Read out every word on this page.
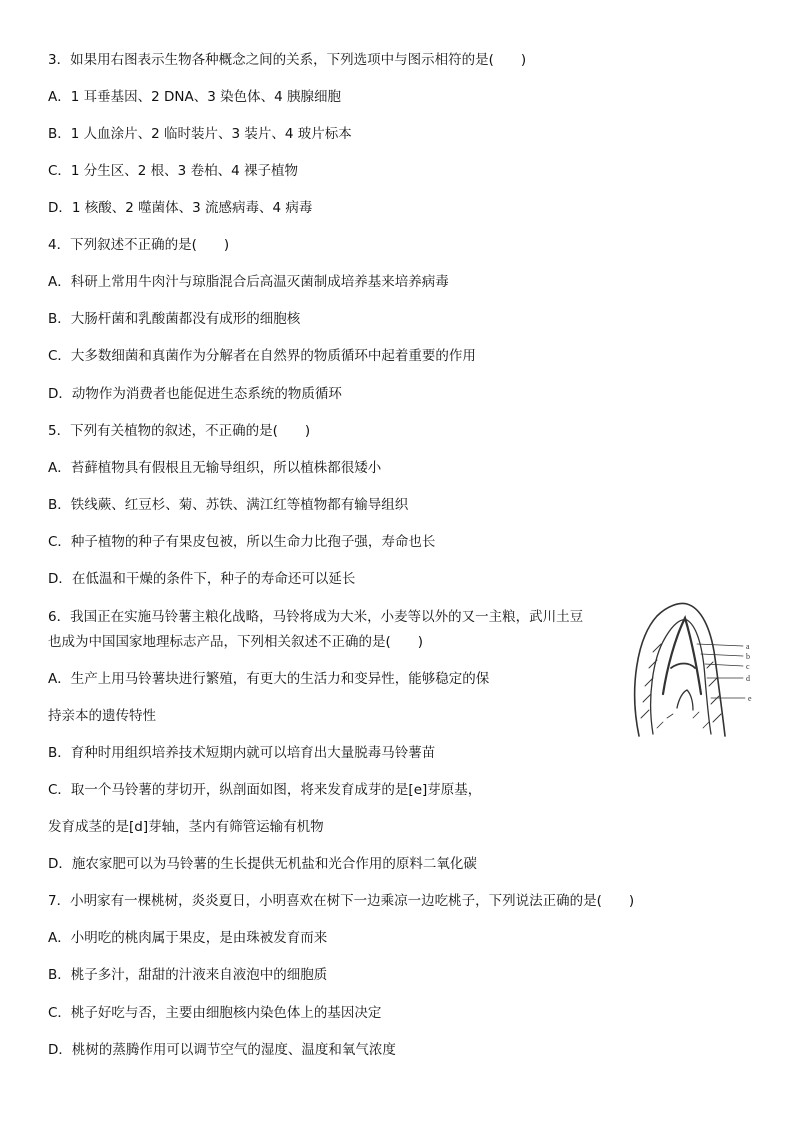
3．如果用右图表示生物各种概念之间的关系，下列选项中与图示相符的是(　　)
A．1 耳垂基因、2 DNA、3 染色体、4 胰腺细胞
B．1 人血涂片、2 临时装片、3 装片、4 玻片标本
C．1 分生区、2 根、3 卷柏、4 裸子植物
D．1 核酸、2 噬菌体、3 流感病毒、4 病毒
4．下列叙述不正确的是(　　)
A．科研上常用牛肉汁与琼脂混合后高温灭菌制成培养基来培养病毒
B．大肠杆菌和乳酸菌都没有成形的细胞核
C．大多数细菌和真菌作为分解者在自然界的物质循环中起着重要的作用
D．动物作为消费者也能促进生态系统的物质循环
5．下列有关植物的叙述，不正确的是(　　)
A．苔藓植物具有假根且无输导组织，所以植株都很矮小
B．铁线蕨、红豆杉、菊、苏铁、满江红等植物都有输导组织
C．种子植物的种子有果皮包被，所以生命力比孢子强，寿命也长
D．在低温和干燥的条件下，种子的寿命还可以延长
6．我国正在实施马铃薯主粮化战略，马铃将成为大米，小麦等以外的又一主粮，武川土豆
也成为中国国家地理标志产品，下列相关叙述不正确的是(　　)
A．生产上用马铃薯块进行繁殖，有更大的生活力和变异性，能够稳定的保
持亲本的遗传特性
B．育种时用组织培养技术短期内就可以培育出大量脱毒马铃薯苗
C．取一个马铃薯的芽切开，纵剖面如图，将来发育成芽的是[e]芽原基，
发育成茎的是[d]芽轴，茎内有筛管运输有机物
D．施农家肥可以为马铃薯的生长提供无机盐和光合作用的原料二氧化碳
a
b
c
d
e
7．小明家有一棵桃树，炎炎夏日，小明喜欢在树下一边乘凉一边吃桃子，下列说法正确的是(　　)
A．小明吃的桃肉属于果皮，是由珠被发育而来
B．桃子多汁，甜甜的汁液来自液泡中的细胞质
C．桃子好吃与否，主要由细胞核内染色体上的基因决定
D．桃树的蒸腾作用可以调节空气的湿度、温度和氧气浓度
